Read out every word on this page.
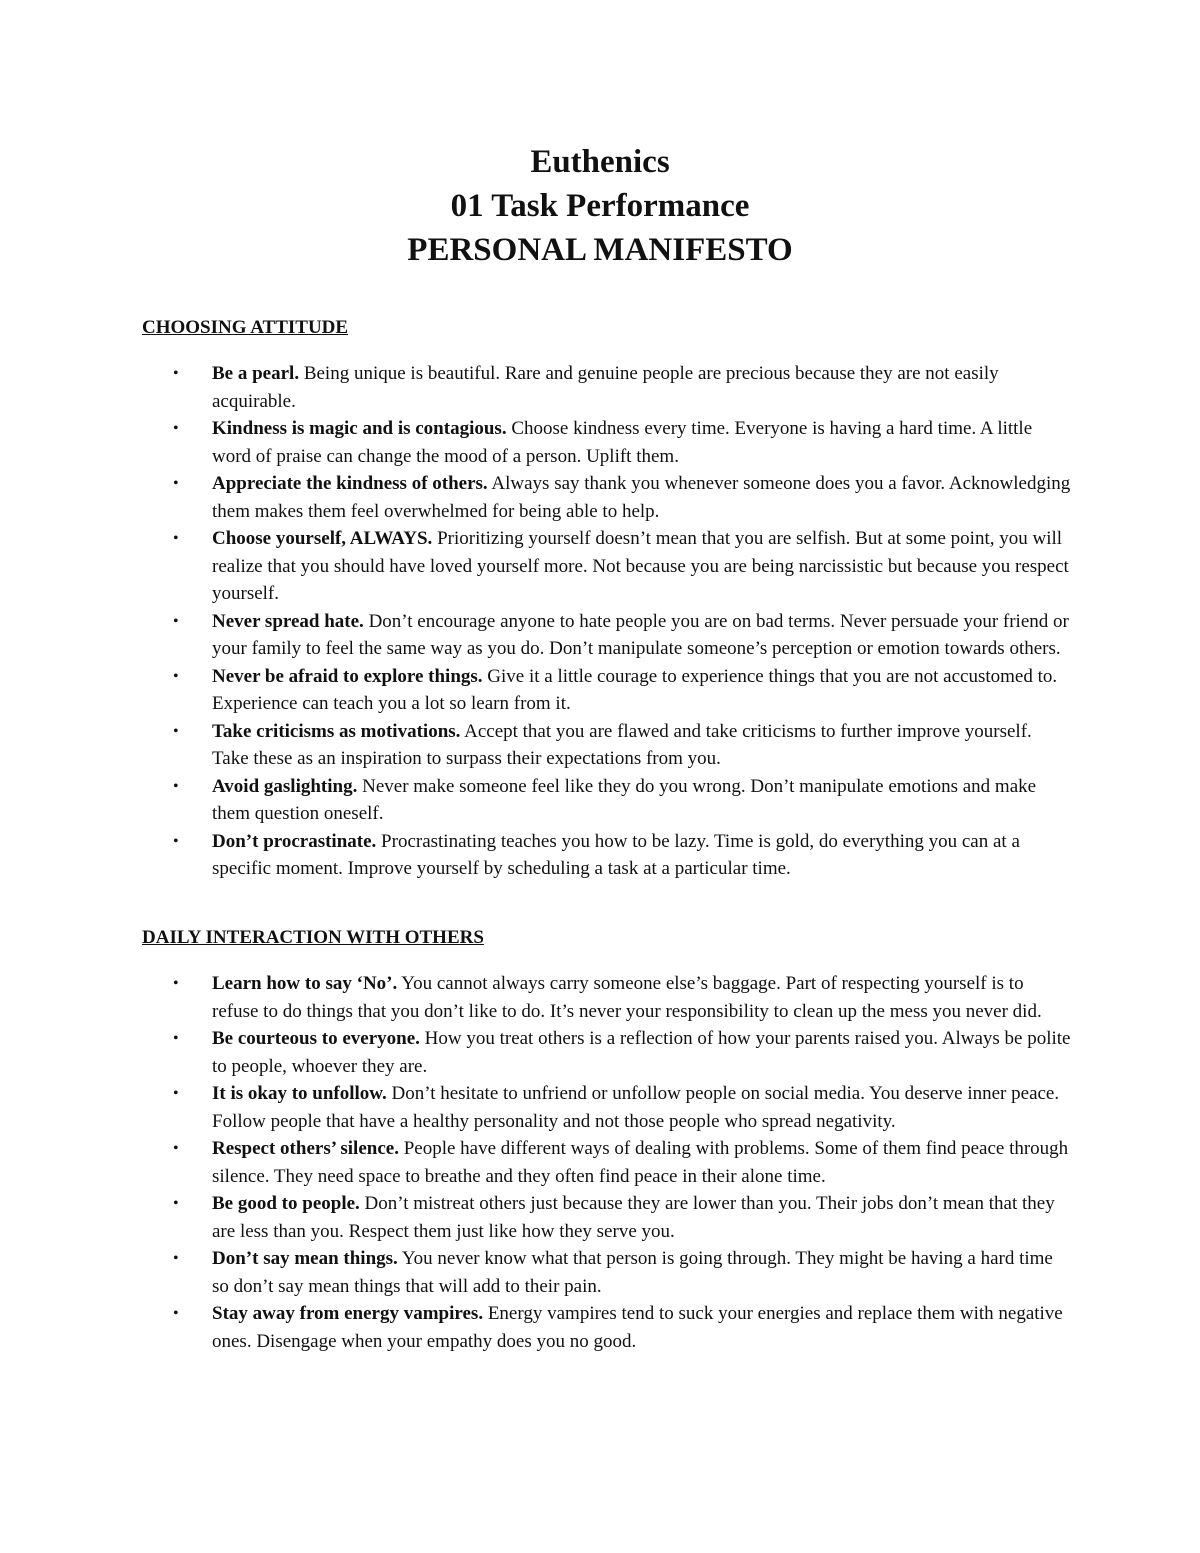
Euthenics
01 Task Performance
PERSONAL MANIFESTO
CHOOSING ATTITUDE
• Be a pearl. Being unique is beautiful. Rare and genuine people are precious because they are not easily acquirable.
• Kindness is magic and is contagious. Choose kindness every time. Everyone is having a hard time. A little word of praise can change the mood of a person. Uplift them.
• Appreciate the kindness of others. Always say thank you whenever someone does you a favor. Acknowledging them makes them feel overwhelmed for being able to help.
• Choose yourself, ALWAYS. Prioritizing yourself doesn’t mean that you are selfish. But at some point, you will realize that you should have loved yourself more. Not because you are being narcissistic but because you respect yourself.
• Never spread hate. Don’t encourage anyone to hate people you are on bad terms. Never persuade your friend or your family to feel the same way as you do. Don’t manipulate someone’s perception or emotion towards others.
• Never be afraid to explore things. Give it a little courage to experience things that you are not accustomed to. Experience can teach you a lot so learn from it.
• Take criticisms as motivations. Accept that you are flawed and take criticisms to further improve yourself. Take these as an inspiration to surpass their expectations from you.
• Avoid gaslighting. Never make someone feel like they do you wrong. Don’t manipulate emotions and make them question oneself.
• Don’t procrastinate. Procrastinating teaches you how to be lazy. Time is gold, do everything you can at a specific moment. Improve yourself by scheduling a task at a particular time.
DAILY INTERACTION WITH OTHERS
• Learn how to say ‘No’. You cannot always carry someone else’s baggage. Part of respecting yourself is to refuse to do things that you don’t like to do. It’s never your responsibility to clean up the mess you never did.
• Be courteous to everyone. How you treat others is a reflection of how your parents raised you. Always be polite to people, whoever they are.
• It is okay to unfollow. Don’t hesitate to unfriend or unfollow people on social media. You deserve inner peace. Follow people that have a healthy personality and not those people who spread negativity.
• Respect others’ silence. People have different ways of dealing with problems. Some of them find peace through silence. They need space to breathe and they often find peace in their alone time.
• Be good to people. Don’t mistreat others just because they are lower than you. Their jobs don’t mean that they are less than you. Respect them just like how they serve you.
• Don’t say mean things. You never know what that person is going through. They might be having a hard time so don’t say mean things that will add to their pain.
• Stay away from energy vampires. Energy vampires tend to suck your energies and replace them with negative ones. Disengage when your empathy does you no good.
